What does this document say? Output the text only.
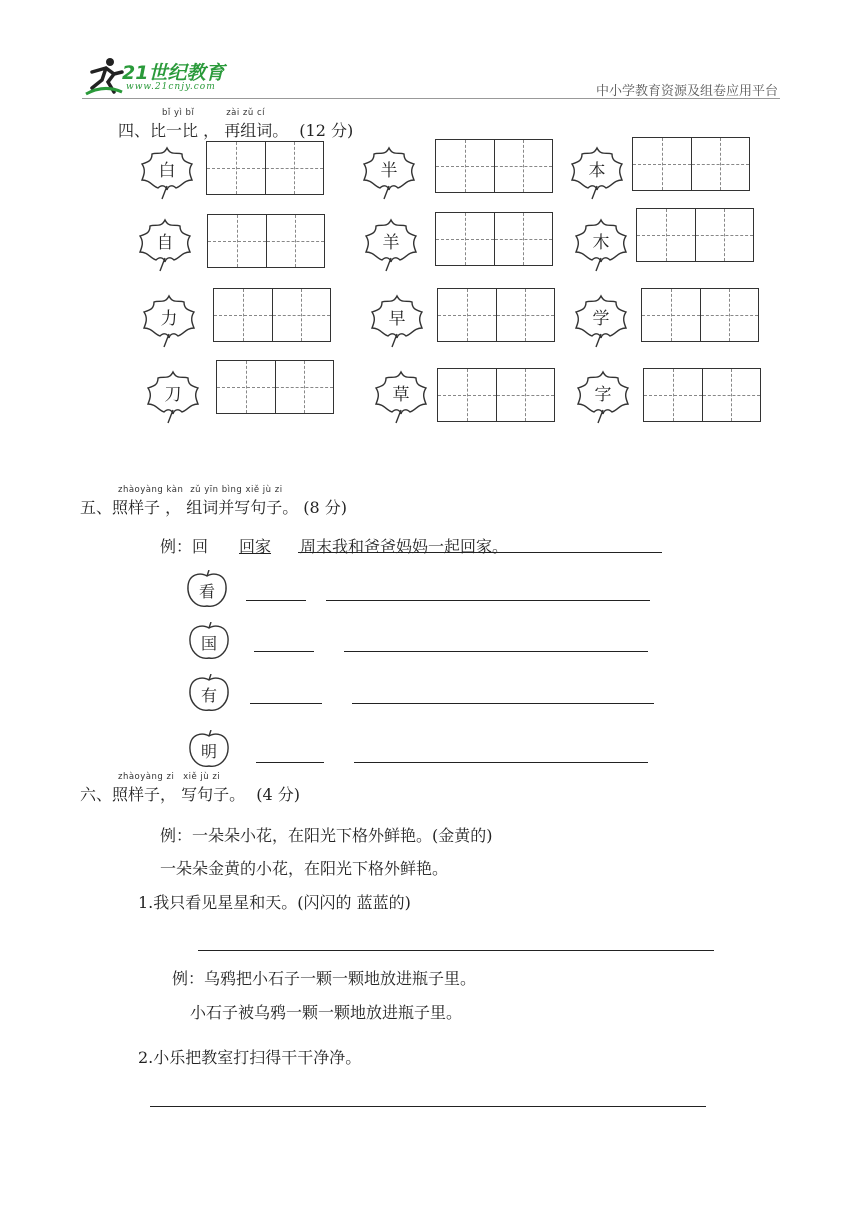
21世纪教育
www.21cnjy.com	中小学教育资源及组卷应用平台
四、比一比 ，
bǐ yì bǐ
再组词。
zài zǔ cí
(12 分)
白	半	本
自	羊	木
力	早	学
刀	草	字
五、照样子 ，
zhàoyàng kàn
组词并写句子。
zǔ yīn bìng xiě jù zi
(8 分)
例：回 回家 周末我和爸爸妈妈一起回家。
看
国
有
明
六、照样子，
zhàoyàng zi
写句子。
xiě jù zi
(4 分)
例：一朵朵小花，在阳光下格外鲜艳。(金黄的)
一朵朵金黄的小花，在阳光下格外鲜艳。
1.我只看见星星和天。(闪闪的 蓝蓝的)
例：乌鸦把小石子一颗一颗地放进瓶子里。
小石子被乌鸦一颗一颗地放进瓶子里。
2.小乐把教室打扫得干干净净。
